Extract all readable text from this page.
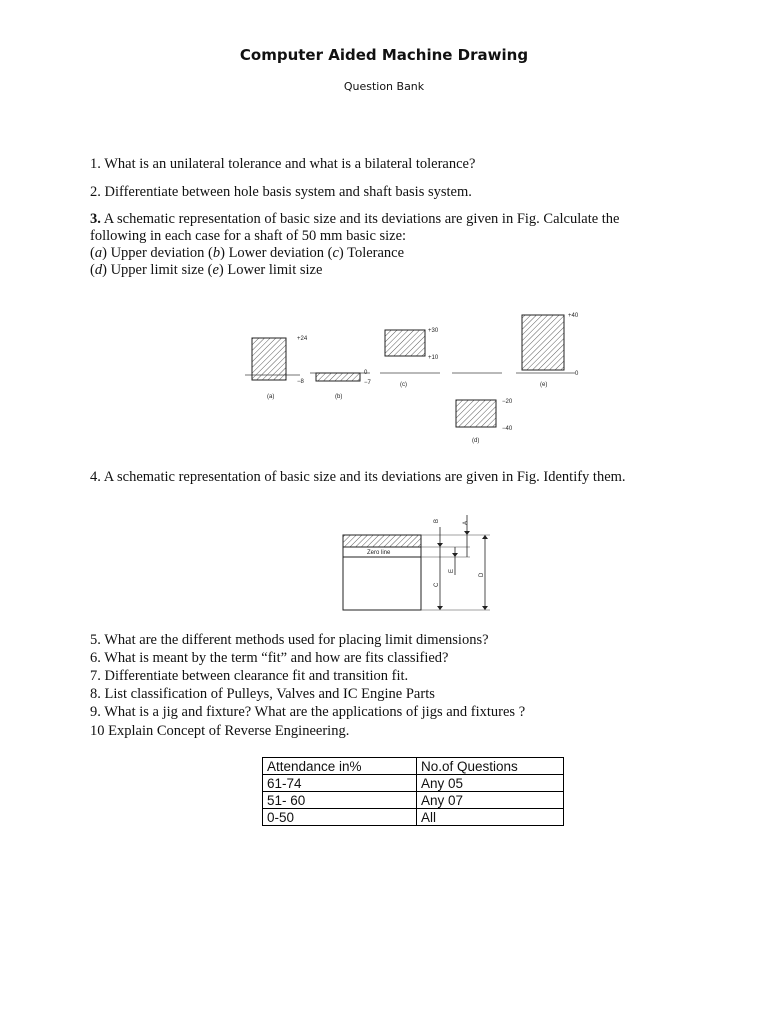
Computer Aided Machine Drawing
Question Bank
1. What is an unilateral tolerance and what is a bilateral tolerance?
2. Differentiate between hole basis system and shaft basis system.
3. A schematic representation of basic size and its deviations are given in Fig. Calculate the
following in each case for a shaft of 50 mm basic size:
(a) Upper deviation (b) Lower deviation (c) Tolerance
(d) Upper limit size (e) Lower limit size
+24
−8
(a)
0
−7
(b)
+30
+10
(c)
−20
−40
(d)
+40
0
(e)
4. A schematic representation of basic size and its deviations are given in Fig. Identify them.
Zero line
B	A
C
E
D
5. What are the different methods used for placing limit dimensions?
6. What is meant by the term “fit” and how are fits classified?
7. Differentiate between clearance fit and transition fit.
8. List classification of Pulleys, Valves and IC Engine Parts
9. What is a jig and fixture? What are the applications of jigs and fixtures ?
10 Explain Concept of Reverse Engineering.
Attendance in%	No.of Questions
61-74	Any 05
51- 60	Any 07
0-50	All
